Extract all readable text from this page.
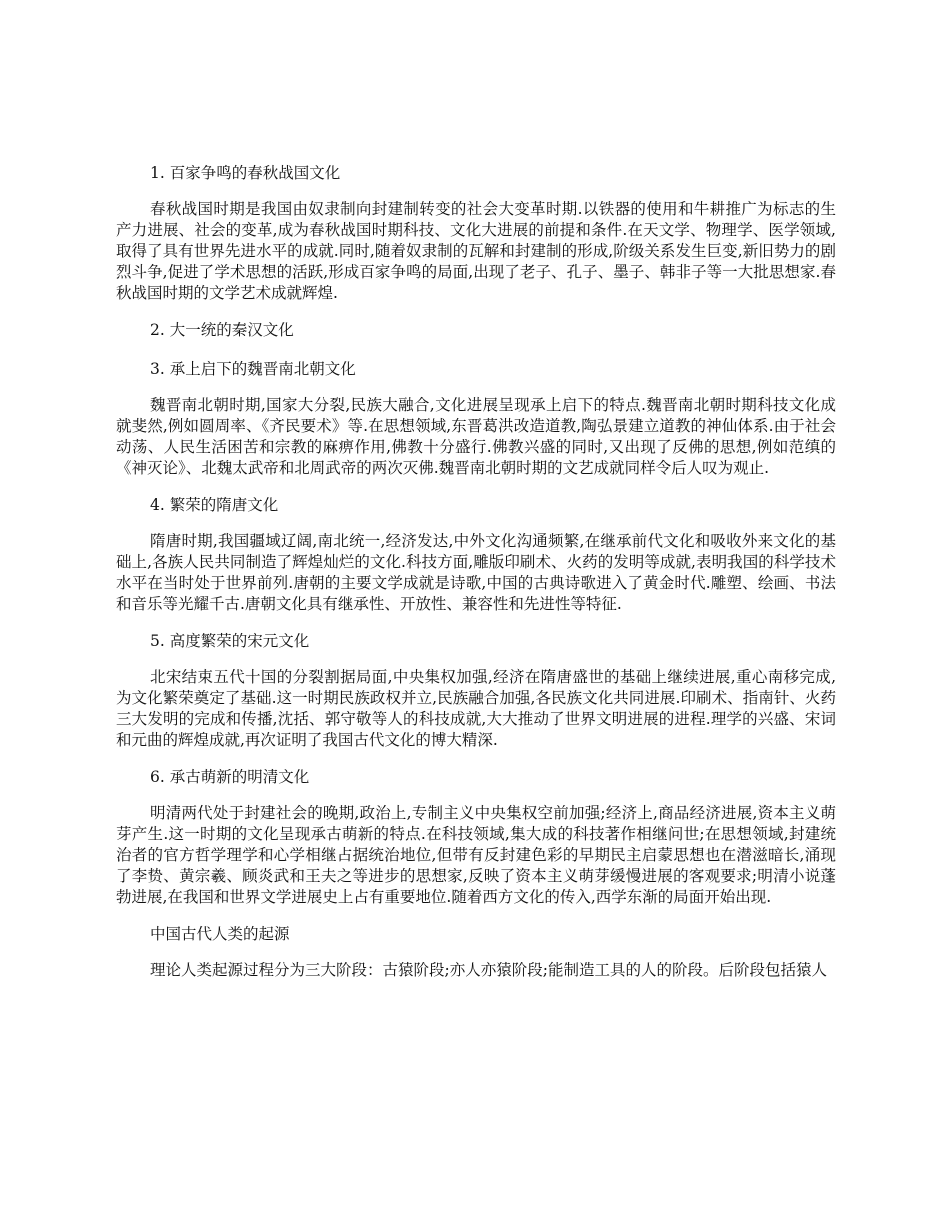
1. 百家争鸣的春秋战国文化

春秋战国时期是我国由奴隶制向封建制转变的社会大变革时期.以铁器的使用和牛耕推广为标志的生产力进展、社会的变革,成为春秋战国时期科技、文化大进展的前提和条件.在天文学、物理学、医学领域,取得了具有世界先进水平的成就.同时,随着奴隶制的瓦解和封建制的形成,阶级关系发生巨变,新旧势力的剧烈斗争,促进了学术思想的活跃,形成百家争鸣的局面,出现了老子、孔子、墨子、韩非子等一大批思想家.春秋战国时期的文学艺术成就辉煌.

2. 大一统的秦汉文化
3. 承上启下的魏晋南北朝文化

魏晋南北朝时期,国家大分裂,民族大融合,文化进展呈现承上启下的特点.魏晋南北朝时期科技文化成就斐然,例如圆周率、《齐民要术》等.在思想领域,东晋葛洪改造道教,陶弘景建立道教的神仙体系.由于社会动荡、人民生活困苦和宗教的麻痹作用,佛教十分盛行.佛教兴盛的同时,又出现了反佛的思想,例如范缜的《神灭论》、北魏太武帝和北周武帝的两次灭佛.魏晋南北朝时期的文艺成就同样令后人叹为观止.

4. 繁荣的隋唐文化

隋唐时期,我国疆域辽阔,南北统一,经济发达,中外文化沟通频繁,在继承前代文化和吸收外来文化的基础上,各族人民共同制造了辉煌灿烂的文化.科技方面,雕版印刷术、火药的发明等成就,表明我国的科学技术水平在当时处于世界前列.唐朝的主要文学成就是诗歌,中国的古典诗歌进入了黄金时代.雕塑、绘画、书法和音乐等光耀千古.唐朝文化具有继承性、开放性、兼容性和先进性等特征.

5. 高度繁荣的宋元文化

北宋结束五代十国的分裂割据局面,中央集权加强,经济在隋唐盛世的基础上继续进展,重心南移完成,为文化繁荣奠定了基础.这一时期民族政权并立,民族融合加强,各民族文化共同进展.印刷术、指南针、火药三大发明的完成和传播,沈括、郭守敬等人的科技成就,大大推动了世界文明进展的进程.理学的兴盛、宋词和元曲的辉煌成就,再次证明了我国古代文化的博大精深.

6. 承古萌新的明清文化

明清两代处于封建社会的晚期,政治上,专制主义中央集权空前加强;经济上,商品经济进展,资本主义萌芽产生.这一时期的文化呈现承古萌新的特点.在科技领域,集大成的科技著作相继问世;在思想领域,封建统治者的官方哲学理学和心学相继占据统治地位,但带有反封建色彩的早期民主启蒙思想也在潜滋暗长,涌现了李贽、黄宗羲、顾炎武和王夫之等进步的思想家,反映了资本主义萌芽缓慢进展的客观要求;明清小说蓬勃进展,在我国和世界文学进展史上占有重要地位.随着西方文化的传入,西学东渐的局面开始出现.

中国古代人类的起源

理论人类起源过程分为三大阶段：古猿阶段;亦人亦猿阶段;能制造工具的人的阶段。后阶段包括猿人
